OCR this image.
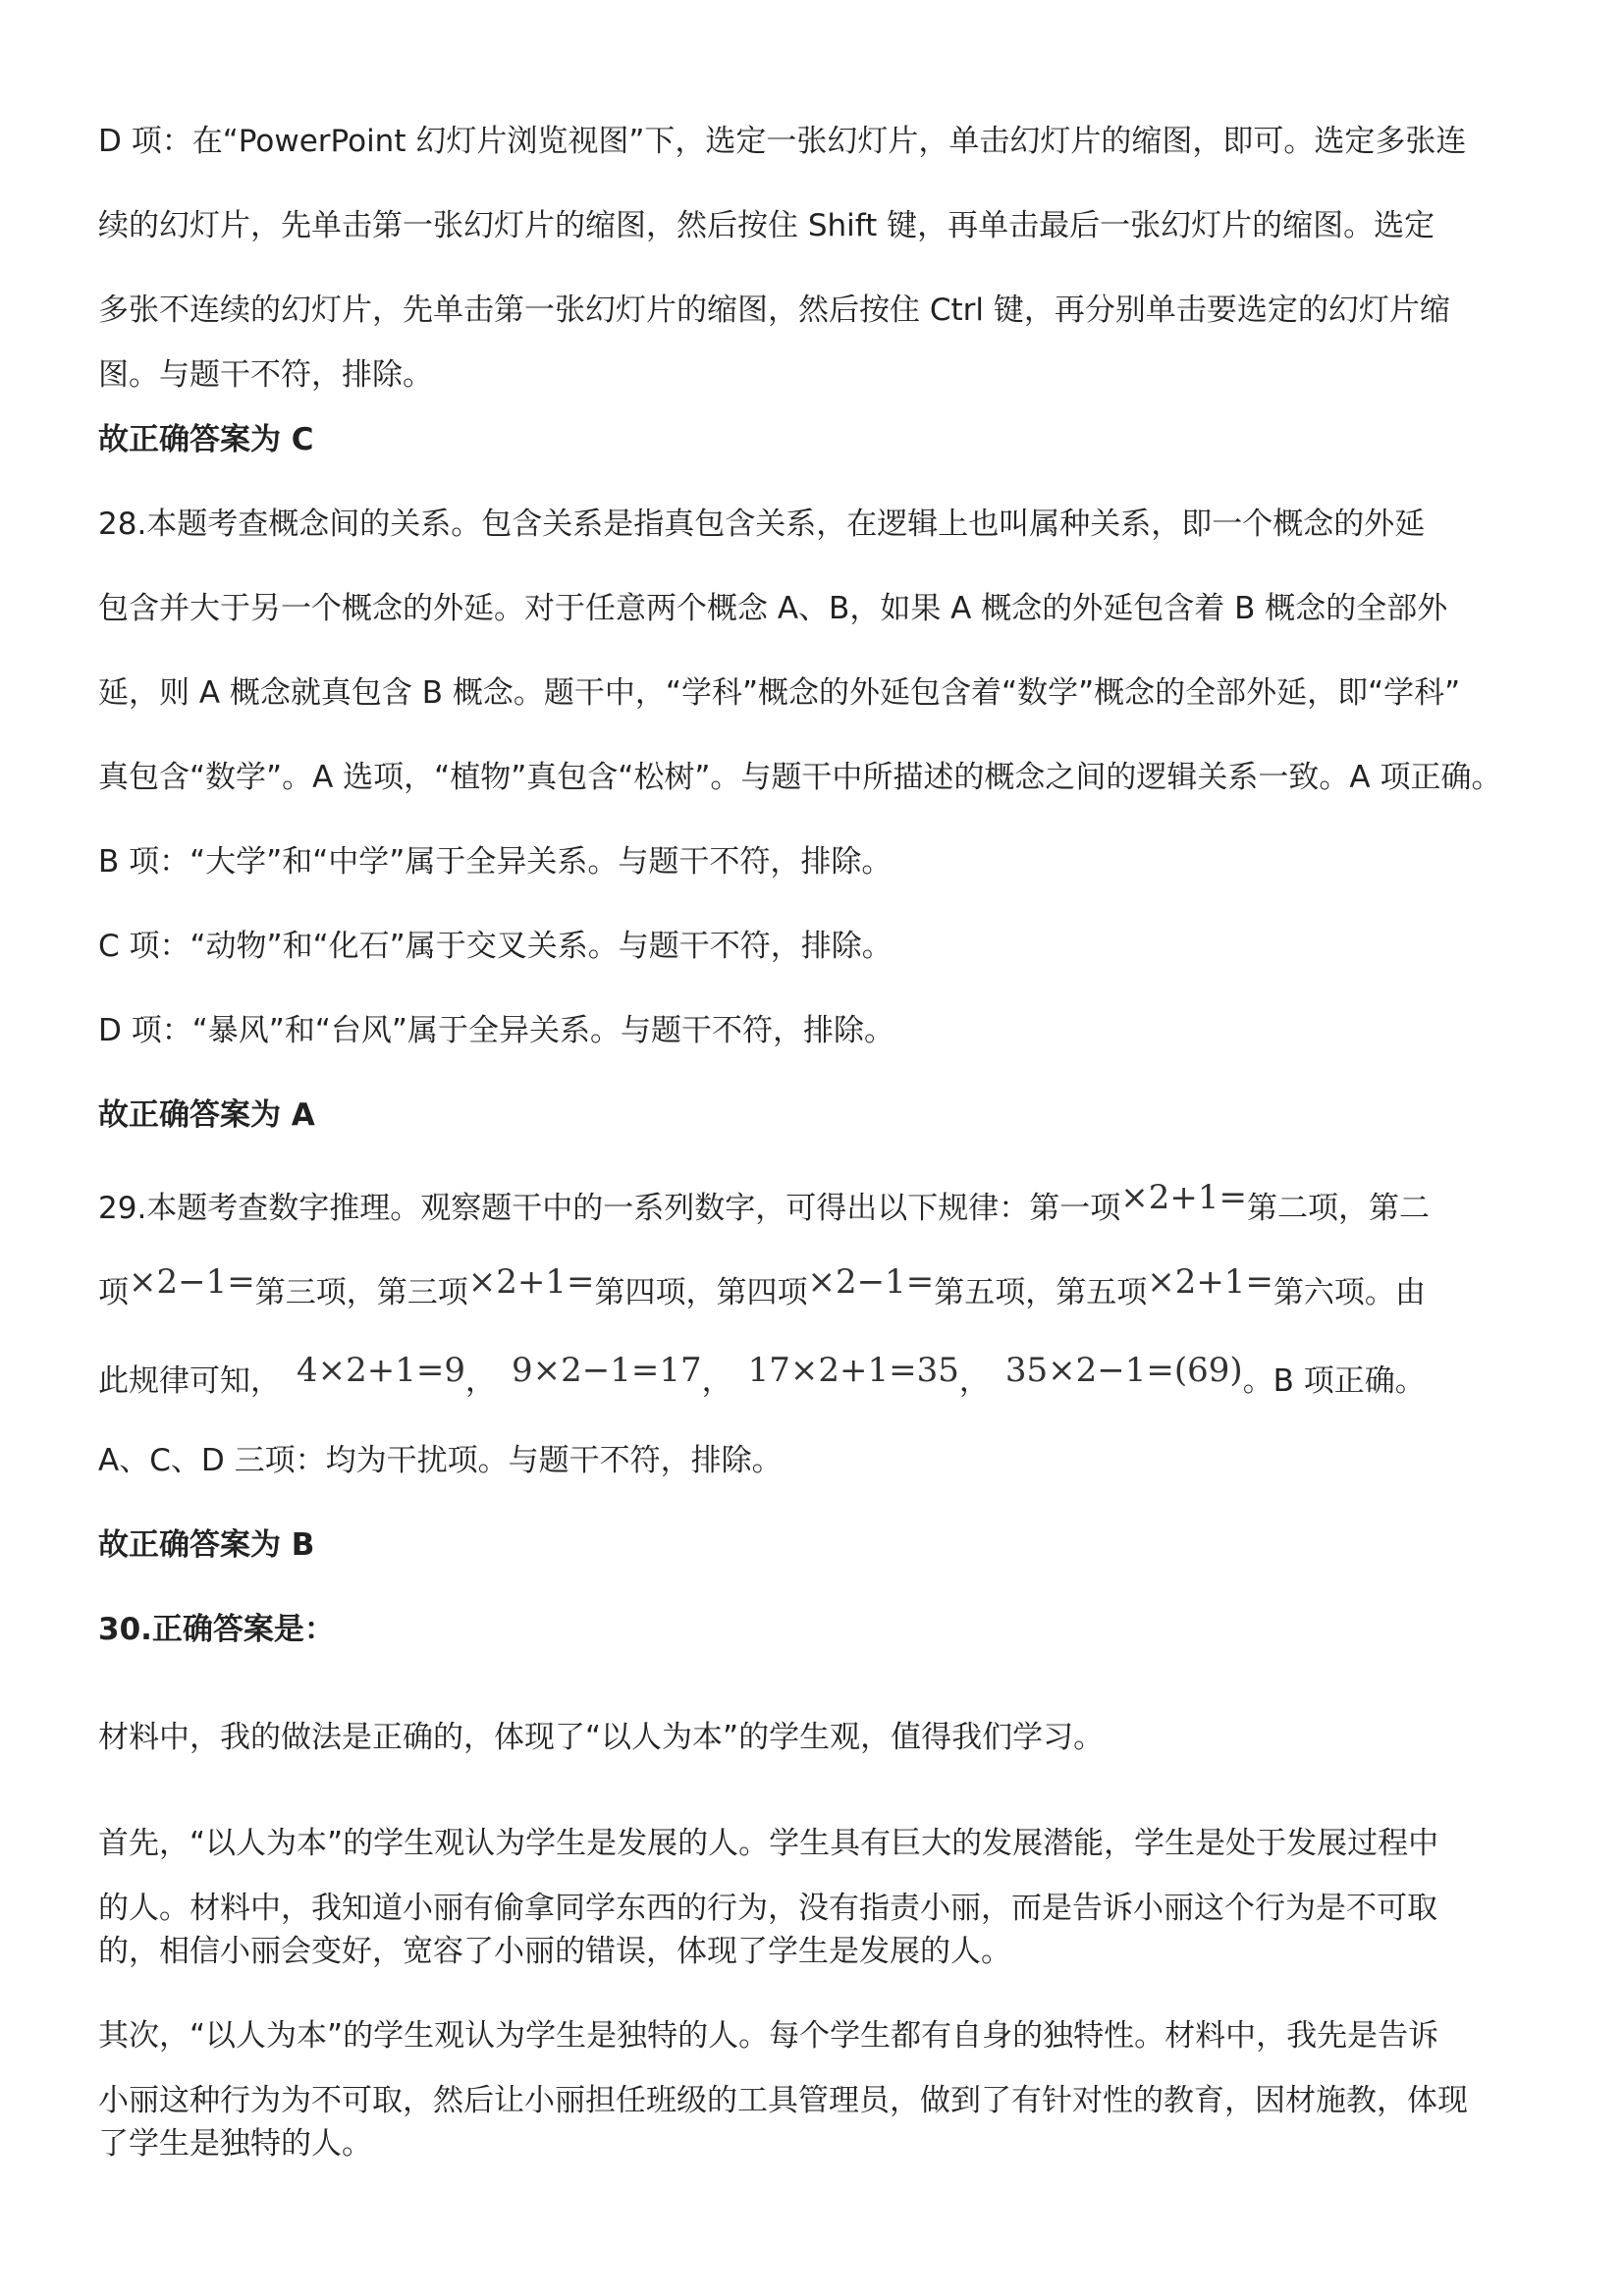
D 项：在“PowerPoint 幻灯片浏览视图”下，选定一张幻灯片，单击幻灯片的缩图，即可。选定多张连
续的幻灯片，先单击第一张幻灯片的缩图，然后按住 Shift 键，再单击最后一张幻灯片的缩图。选定
多张不连续的幻灯片，先单击第一张幻灯片的缩图，然后按住 Ctrl 键，再分别单击要选定的幻灯片缩
图。与题干不符，排除。
故正确答案为 C
28.本题考查概念间的关系。包含关系是指真包含关系，在逻辑上也叫属种关系，即一个概念的外延
包含并大于另一个概念的外延。对于任意两个概念 A、B，如果 A 概念的外延包含着 B 概念的全部外
延，则 A 概念就真包含 B 概念。题干中，“学科”概念的外延包含着“数学”概念的全部外延，即“学科”
真包含“数学”。A 选项，“植物”真包含“松树”。与题干中所描述的概念之间的逻辑关系一致。A 项正确。
B 项：“大学”和“中学”属于全异关系。与题干不符，排除。
C 项：“动物”和“化石”属于交叉关系。与题干不符，排除。
D 项：“暴风”和“台风”属于全异关系。与题干不符，排除。
故正确答案为 A
29.本题考查数字推理。观察题干中的一系列数字，可得出以下规律：第一项×2+1=第二项，第二
项×2−1=第三项，第三项×2+1=第四项，第四项×2−1=第五项，第五项×2+1=第六项。由
此规律可知， 4×2+1=9， 9×2−1=17， 17×2+1=35， 35×2−1=(69)。B 项正确。
A、C、D 三项：均为干扰项。与题干不符，排除。
故正确答案为 B
30.正确答案是：
材料中，我的做法是正确的，体现了“以人为本”的学生观，值得我们学习。
首先，“以人为本”的学生观认为学生是发展的人。学生具有巨大的发展潜能，学生是处于发展过程中
的人。材料中，我知道小丽有偷拿同学东西的行为，没有指责小丽，而是告诉小丽这个行为是不可取
的，相信小丽会变好，宽容了小丽的错误，体现了学生是发展的人。
其次，“以人为本”的学生观认为学生是独特的人。每个学生都有自身的独特性。材料中，我先是告诉
小丽这种行为为不可取，然后让小丽担任班级的工具管理员，做到了有针对性的教育，因材施教，体现
了学生是独特的人。
